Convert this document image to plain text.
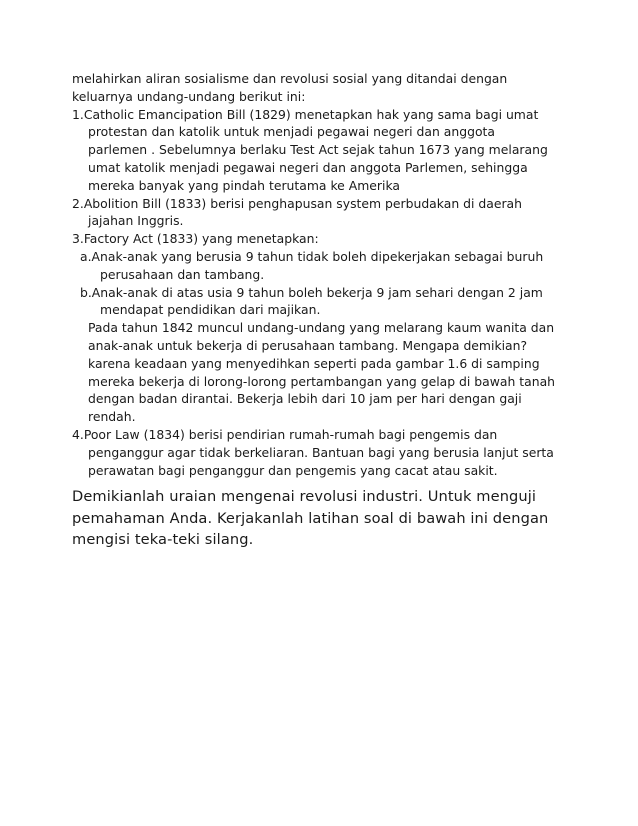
melahirkan aliran sosialisme dan revolusi sosial yang ditandai dengan
keluarnya undang-undang berikut ini:
1.Catholic Emancipation Bill (1829) menetapkan hak yang sama bagi umat
protestan dan katolik untuk menjadi pegawai negeri dan anggota
parlemen . Sebelumnya berlaku Test Act sejak tahun 1673 yang melarang
umat katolik menjadi pegawai negeri dan anggota Parlemen, sehingga
mereka banyak yang pindah terutama ke Amerika
2.Abolition Bill (1833) berisi penghapusan system perbudakan di daerah
jajahan Inggris.
3.Factory Act (1833) yang menetapkan:
a.Anak-anak yang berusia 9 tahun tidak boleh dipekerjakan sebagai buruh
perusahaan dan tambang.
b.Anak-anak di atas usia 9 tahun boleh bekerja 9 jam sehari dengan 2 jam
mendapat pendidikan dari majikan.
Pada tahun 1842 muncul undang-undang yang melarang kaum wanita dan
anak-anak untuk bekerja di perusahaan tambang. Mengapa demikian?
karena keadaan yang menyedihkan seperti pada gambar 1.6 di samping
mereka bekerja di lorong-lorong pertambangan yang gelap di bawah tanah
dengan badan dirantai. Bekerja lebih dari 10 jam per hari dengan gaji
rendah.
4.Poor Law (1834) berisi pendirian rumah-rumah bagi pengemis dan
penganggur agar tidak berkeliaran. Bantuan bagi yang berusia lanjut serta
perawatan bagi penganggur dan pengemis yang cacat atau sakit.
Demikianlah uraian mengenai revolusi industri. Untuk menguji
pemahaman Anda. Kerjakanlah latihan soal di bawah ini dengan
mengisi teka-teki silang.
